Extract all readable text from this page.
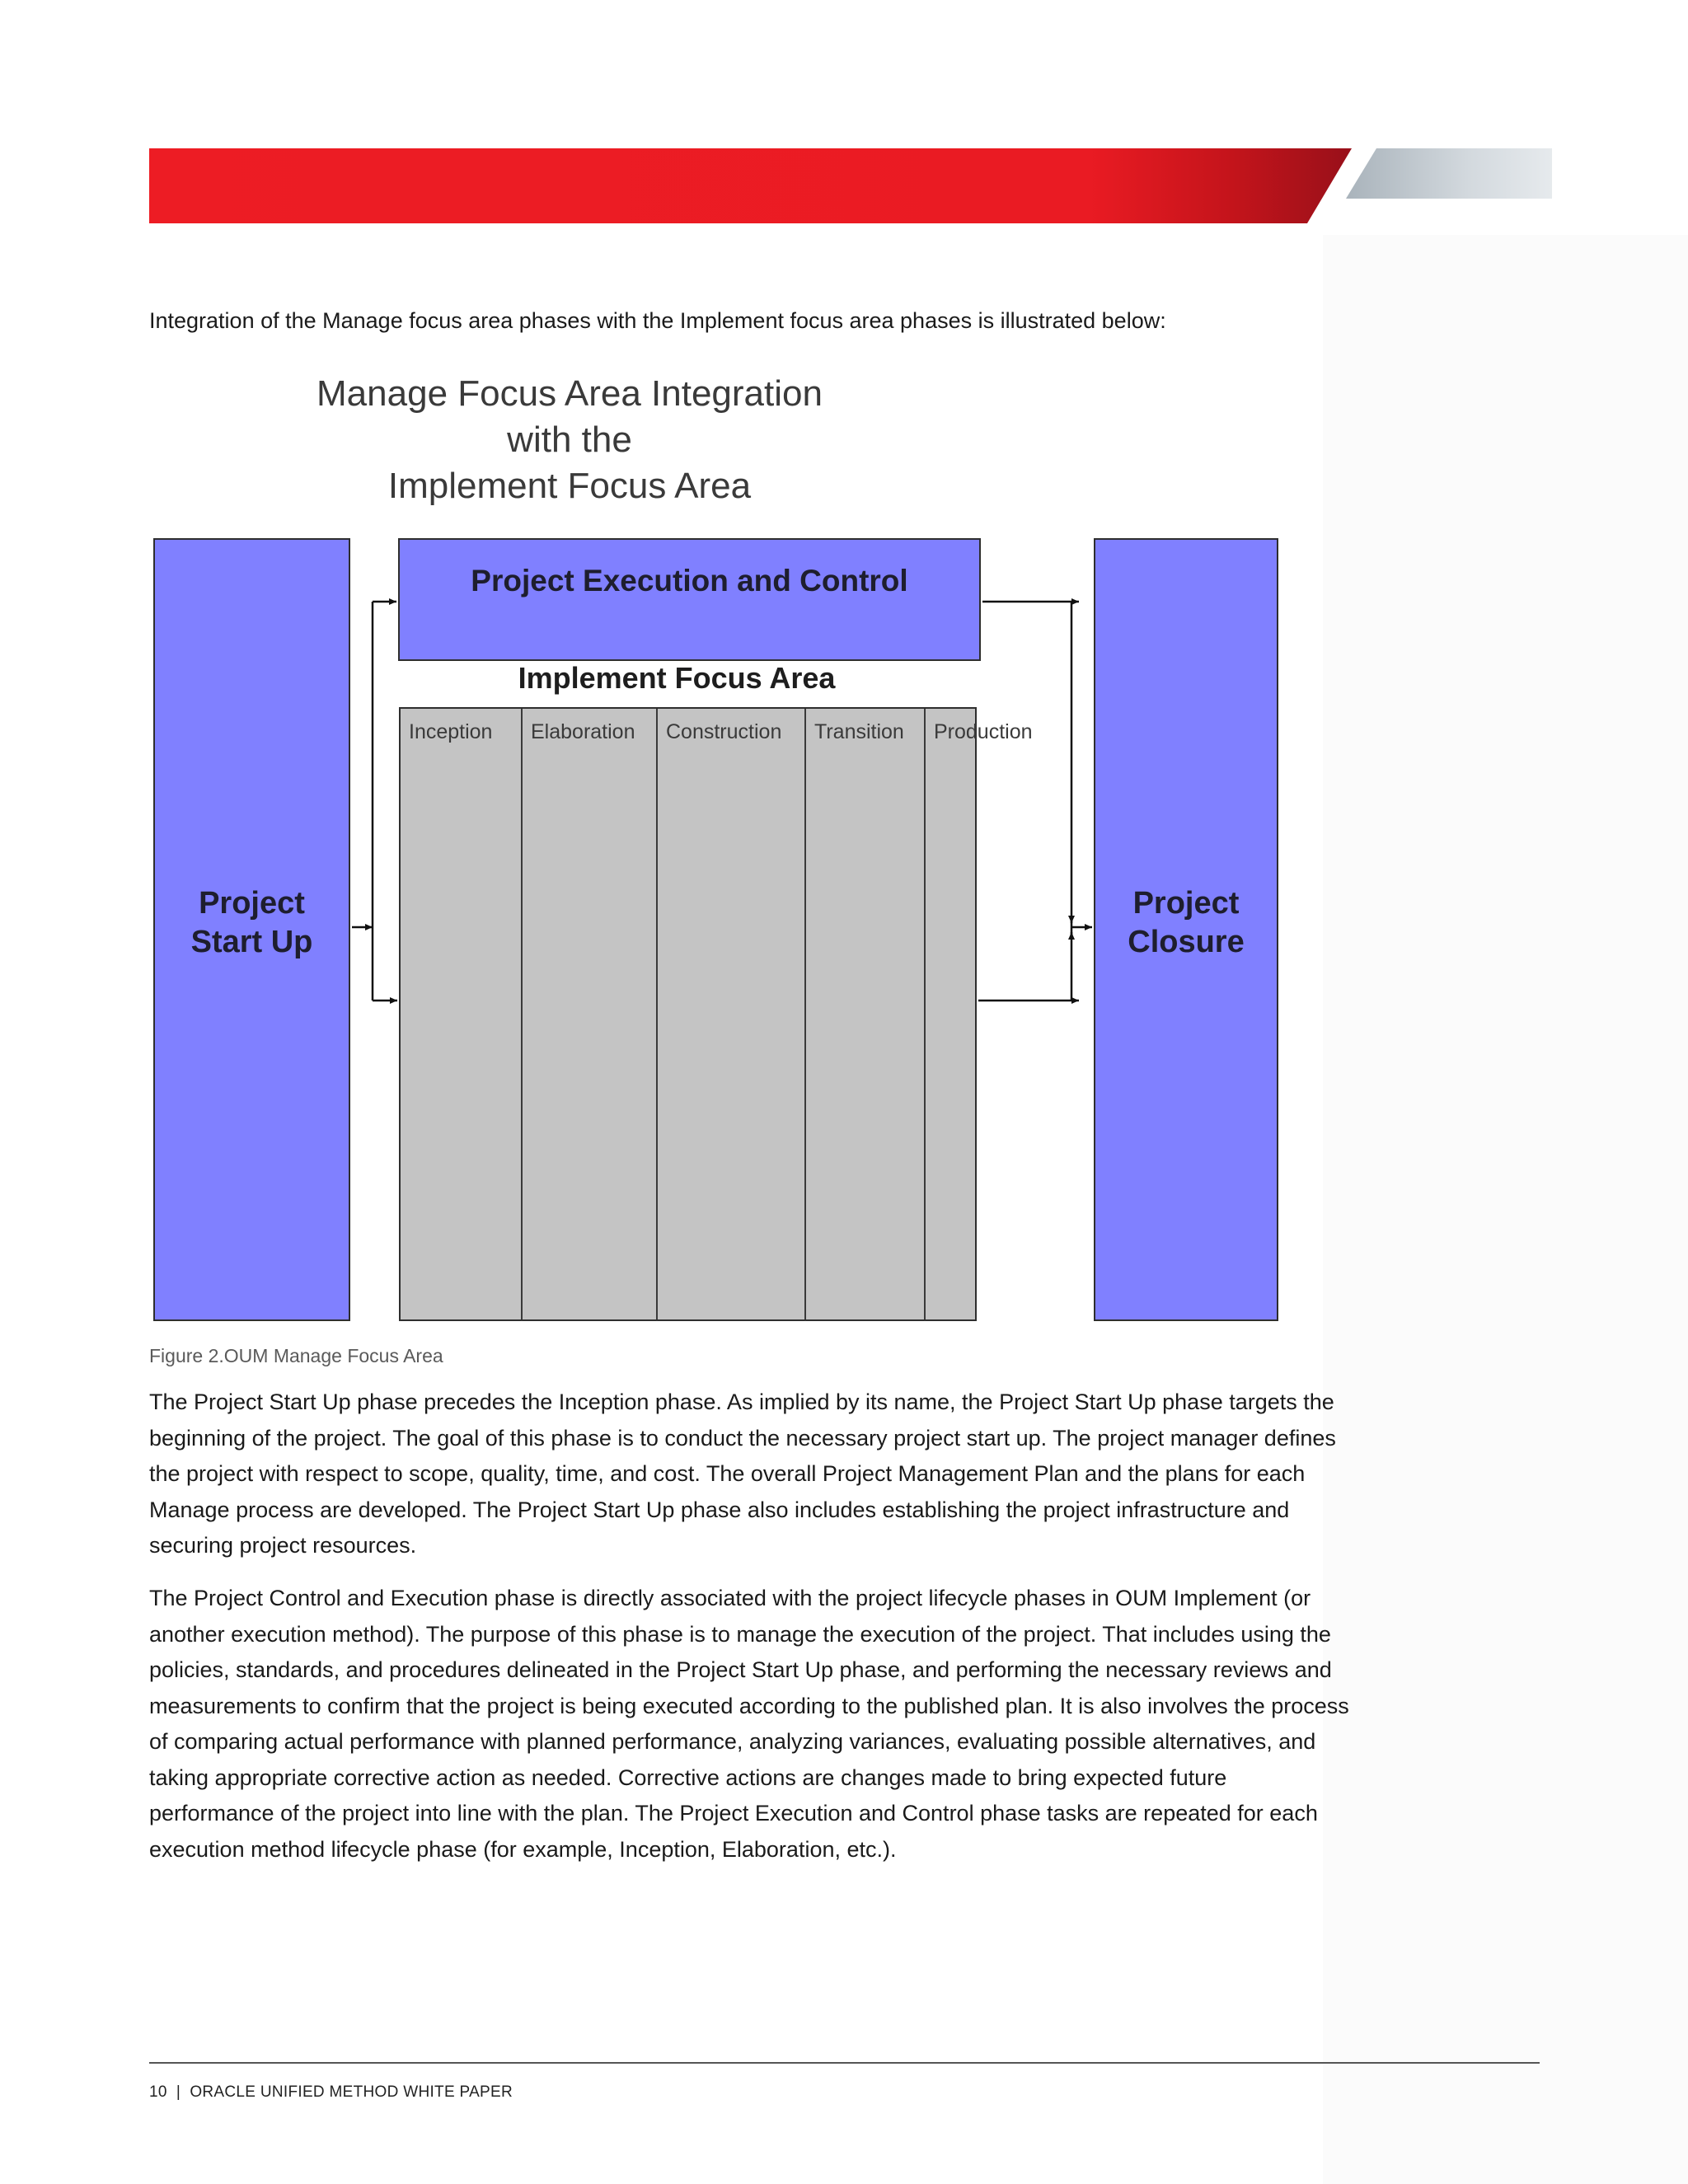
Integration of the Manage focus area phases with the Implement focus area phases is illustrated below:

Manage Focus Area Integration with the
Implement Focus Area
Project
Start Up
Project Execution and Control
Implement Focus Area
Inception	Elaboration	Construction	Transition	Production
Project
Closure

Figure 2.OUM Manage Focus Area

The Project Start Up phase precedes the Inception phase. As implied by its name, the Project Start Up phase targets the beginning of the project. The goal of this phase is to conduct the necessary project start up. The project manager defines the project with respect to scope, quality, time, and cost. The overall Project Management Plan and the plans for each Manage process are developed. The Project Start Up phase also includes establishing the project infrastructure and securing project resources.

The Project Control and Execution phase is directly associated with the project lifecycle phases in OUM Implement (or another execution method). The purpose of this phase is to manage the execution of the project. That includes using the policies, standards, and procedures delineated in the Project Start Up phase, and performing the necessary reviews and measurements to confirm that the project is being executed according to the published plan. It is also involves the process of comparing actual performance with planned performance, analyzing variances, evaluating possible alternatives, and taking appropriate corrective action as needed. Corrective actions are changes made to bring expected future performance of the project into line with the plan. The Project Execution and Control phase tasks are repeated for each execution method lifecycle phase (for example, Inception, Elaboration, etc.).

10 | ORACLE UNIFIED METHOD WHITE PAPER
